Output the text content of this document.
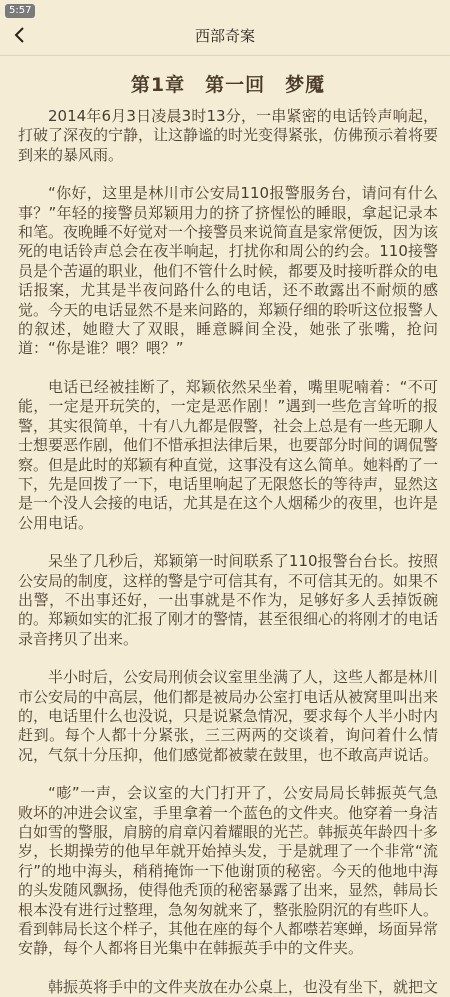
5:57
西部奇案
第1章　第一回　梦魇

2014年6月3日凌晨3时13分，一串紧密的电话铃声响起，打破了深夜的宁静，让这静谧的时光变得紧张，仿佛预示着将要到来的暴风雨。

“你好，这里是林川市公安局110报警服务台，请问有什么事？”年轻的接警员郑颖用力的挤了挤惺忪的睡眼，拿起记录本和笔。夜晚睡不好觉对一个接警员来说简直是家常便饭，因为该死的电话铃声总会在夜半响起，打扰你和周公的约会。110接警员是个苦逼的职业，他们不管什么时候，都要及时接听群众的电话报案，尤其是半夜问路什么的电话，还不敢露出不耐烦的感觉。今天的电话显然不是来问路的，郑颖仔细的聆听这位报警人的叙述，她瞪大了双眼，睡意瞬间全没，她张了张嘴，抢问道：“你是谁？喂？喂？”

电话已经被挂断了，郑颖依然呆坐着，嘴里呢喃着：“不可能，一定是开玩笑的，一定是恶作剧！”遇到一些危言耸听的报警，其实很简单，十有八九都是假警，社会上总是有一些无聊人士想要恶作剧，他们不惜承担法律后果，也要部分时间的调侃警察。但是此时的郑颖有种直觉，这事没有这么简单。她料酌了一下，先是回拨了一下，电话里响起了无限悠长的等待声，显然这是一个没人会接的电话，尤其是在这个人烟稀少的夜里，也许是公用电话。

呆坐了几秒后，郑颖第一时间联系了110报警台台长。按照公安局的制度，这样的警是宁可信其有，不可信其无的。如果不出警，不出事还好，一出事就是不作为，足够好多人丢掉饭碗的。郑颖如实的汇报了刚才的警情，甚至很细心的将刚才的电话录音拷贝了出来。

半小时后，公安局刑侦会议室里坐满了人，这些人都是林川市公安局的中高层，他们都是被局办公室打电话从被窝里叫出来的，电话里什么也没说，只是说紧急情况，要求每个人半小时内赶到。每个人都十分紧张，三三两两的交谈着，询问着什么情况，气氛十分压抑，他们感觉都被蒙在鼓里，也不敢高声说话。

“嘭”一声，会议室的大门打开了，公安局局长韩振英气急败坏的冲进会议室，手里拿着一个蓝色的文件夹。他穿着一身洁白如雪的警服，肩膀的肩章闪着耀眼的光芒。韩振英年龄四十多岁，长期操劳的他早年就开始掉头发，于是就理了一个非常“流行”的地中海头，稍稍掩饰一下他谢顶的秘密。今天的他地中海的头发随风飘扬，使得他秃顶的秘密暴露了出来，显然，韩局长根本没有进行过整理，急匆匆就来了，整张脸阴沉的有些吓人。看到韩局长这个样子，其他在座的每个人都噤若寒蝉，场面异常安静，每个人都将目光集中在韩振英手中的文件夹。

韩振英将手中的文件夹放在办公桌上，也没有坐下，就把文
